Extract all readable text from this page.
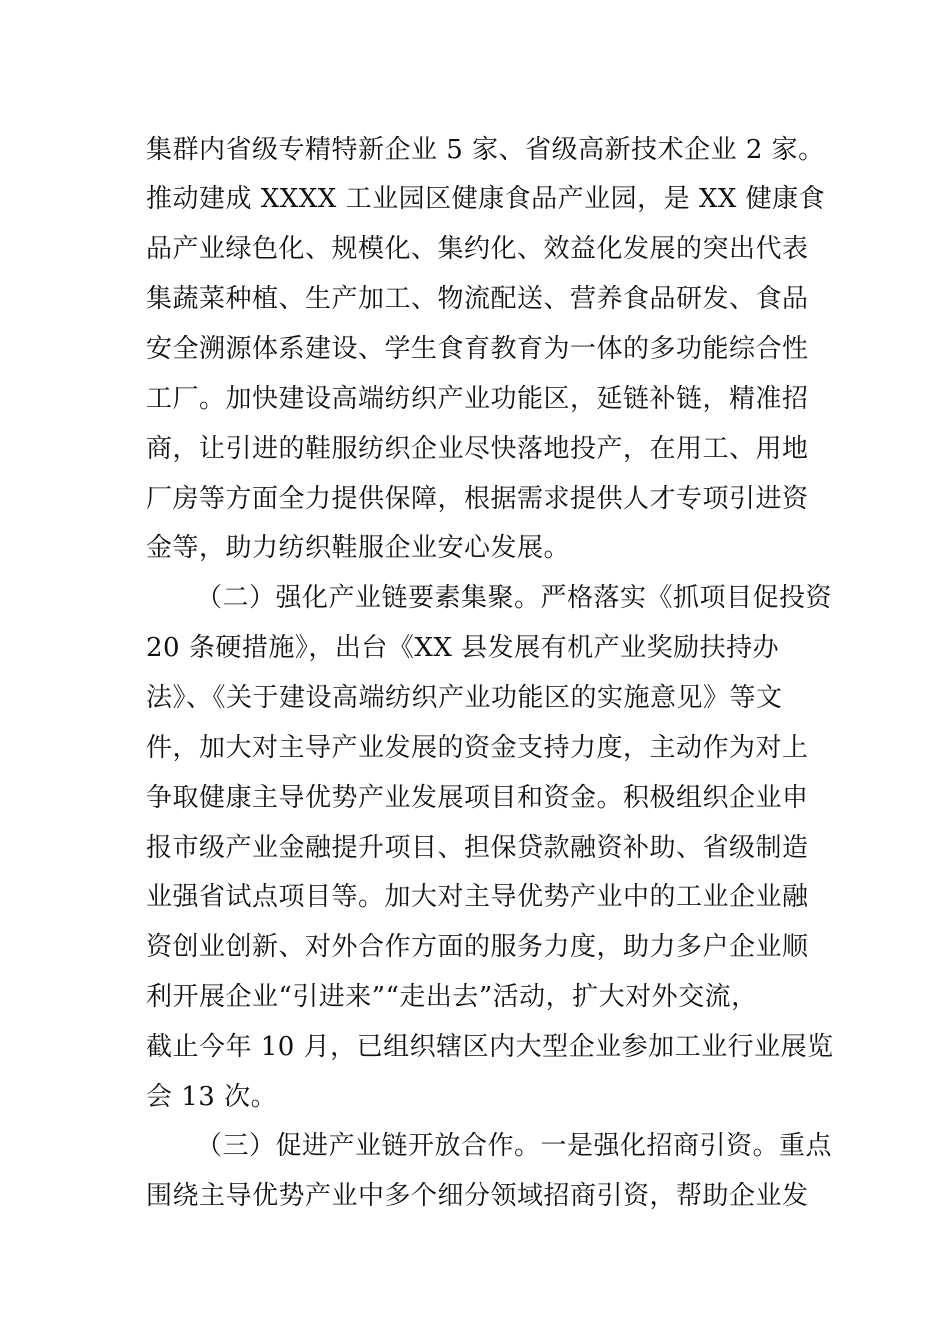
集群内省级专精特新企业 5 家、省级高新技术企业 2 家。
推动建成 XXXX 工业园区健康食品产业园，是 XX 健康食
品产业绿色化、规模化、集约化、效益化发展的突出代表
集蔬菜种植、生产加工、物流配送、营养食品研发、食品
安全溯源体系建设、学生食育教育为一体的多功能综合性
工厂。加快建设高端纺织产业功能区，延链补链，精准招
商，让引进的鞋服纺织企业尽快落地投产，在用工、用地
厂房等方面全力提供保障，根据需求提供人才专项引进资
金等，助力纺织鞋服企业安心发展。
（二）强化产业链要素集聚。严格落实《抓项目促投资
20 条硬措施》，出台《XX 县发展有机产业奖励扶持办
法》、《关于建设高端纺织产业功能区的实施意见》等文
件，加大对主导产业发展的资金支持力度，主动作为对上
争取健康主导优势产业发展项目和资金。积极组织企业申
报市级产业金融提升项目、担保贷款融资补助、省级制造
业强省试点项目等。加大对主导优势产业中的工业企业融
资创业创新、对外合作方面的服务力度，助力多户企业顺
利开展企业“引进来”“走出去”活动，扩大对外交流，
截止今年 10 月，已组织辖区内大型企业参加工业行业展览
会 13 次。
（三）促进产业链开放合作。一是强化招商引资。重点
围绕主导优势产业中多个细分领域招商引资，帮助企业发
